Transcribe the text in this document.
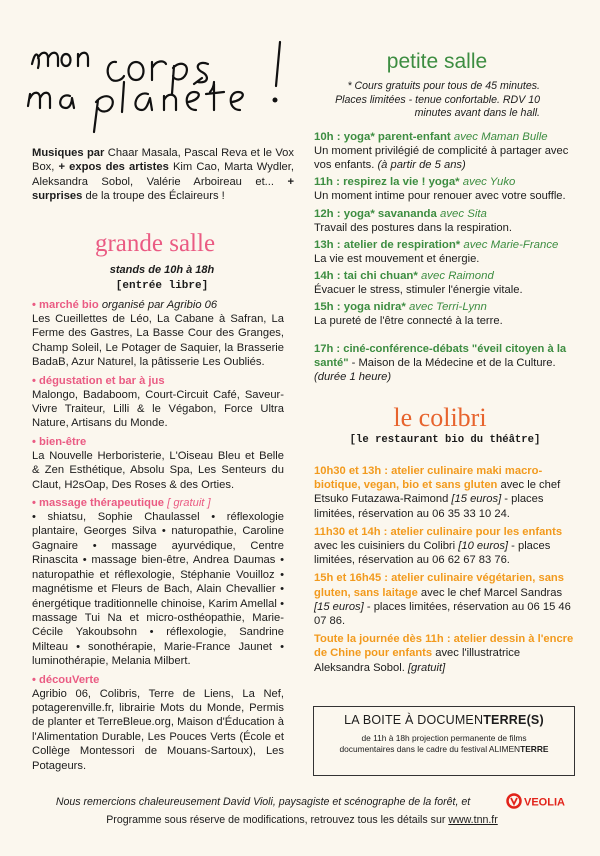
Musiques par Chaar Masala, Pascal Reva et le Vox Box, + expos des artistes Kim Cao, Marta Wydler, Aleksandra Sobol, Valérie Arboireau et... + surprises de la troupe des Éclaireurs !
grande salle
stands de 10h à 18h
[entrée libre]
• marché bio organisé par Agribio 06
Les Cueillettes de Léo, La Cabane à Safran, La Ferme des Gastres, La Basse Cour des Granges, Champ Soleil, Le Potager de Saquier, la Brasserie BadaB, Azur Naturel, la pâtisserie Les Oubliés.
• dégustation et bar à jus
Malongo, Badaboom, Court-Circuit Café, Saveur-Vivre Traiteur, Lilli & le Végabon, Force Ultra Nature, Artisans du Monde.
• bien-être
La Nouvelle Herboristerie, L'Oiseau Bleu et Belle & Zen Esthétique, Absolu Spa, Les Senteurs du Claut, H2sOap, Des Roses & des Orties.
• massage thérapeutique [ gratuit ]
• shiatsu, Sophie Chaulassel • réflexologie plantaire, Georges Silva • naturopathie, Caroline Gagnaire • massage ayurvédique, Centre Rinascita • massage bien-être, Andrea Daumas • naturopathie et réflexologie, Stéphanie Vouilloz • magnétisme et Fleurs de Bach, Alain Chevallier • énergétique traditionnelle chinoise, Karim Amellal • massage Tui Na et micro-osthéopathie, Marie-Cécile Yakoubsohn • réflexologie, Sandrine Milteau • sonothérapie, Marie-France Jaunet • luminothérapie, Melania Milbert.
• découVerte
Agribio 06, Colibris, Terre de Liens, La Nef, potagerenville.fr, librairie Mots du Monde, Permis de planter et TerreBleue.org, Maison d'Éducation à l'Alimentation Durable, Les Pouces Verts (École et Collège Montessori de Mouans-Sartoux), Les Potageurs.
petite salle
* Cours gratuits pour tous de 45 minutes. Places limitées - tenue confortable. RDV 10 minutes avant dans le hall.
10h : yoga* parent-enfant avec Maman Bulle
Un moment privilégié de complicité à partager avec vos enfants. (à partir de 5 ans)
11h : respirez la vie ! yoga* avec Yuko
Un moment intime pour renouer avec votre souffle.
12h : yoga* savananda avec Sita
Travail des postures dans la respiration.
13h : atelier de respiration* avec Marie-France
La vie est mouvement et énergie.
14h : tai chi chuan* avec Raimond
Évacuer le stress, stimuler l'énergie vitale.
15h : yoga nidra* avec Terri-Lynn
La pureté de l'être connecté à la terre.
17h : ciné-conférence-débats "éveil citoyen à la santé" - Maison de la Médecine et de la Culture. (durée 1 heure)
le colibri
[le restaurant bio du théâtre]
10h30 et 13h : atelier culinaire maki macro-biotique, vegan, bio et sans gluten avec le chef Etsuko Futazawa-Raimond [15 euros] - places limitées, réservation au 06 35 33 10 24.
11h30 et 14h : atelier culinaire pour les enfants avec les cuisiniers du Colibri [10 euros] - places limitées, réservation au 06 62 67 83 76.
15h et 16h45 : atelier culinaire végétarien, sans gluten, sans laitage avec le chef Marcel Sandras [15 euros] - places limitées, réservation au 06 15 46 07 86.
Toute la journée dès 11h : atelier dessin à l'encre de Chine pour enfants avec l'illustratrice Aleksandra Sobol. [gratuit]
LA BOITE À DOCUMENTERRE(S)
de 11h à 18h projection permanente de films documentaires dans le cadre du festival ALIMENTERRE
Nous remercions chaleureusement David Violi, paysagiste et scénographe de la forêt, et	VEOLIA
Programme sous réserve de modifications, retrouvez tous les détails sur www.tnn.fr
